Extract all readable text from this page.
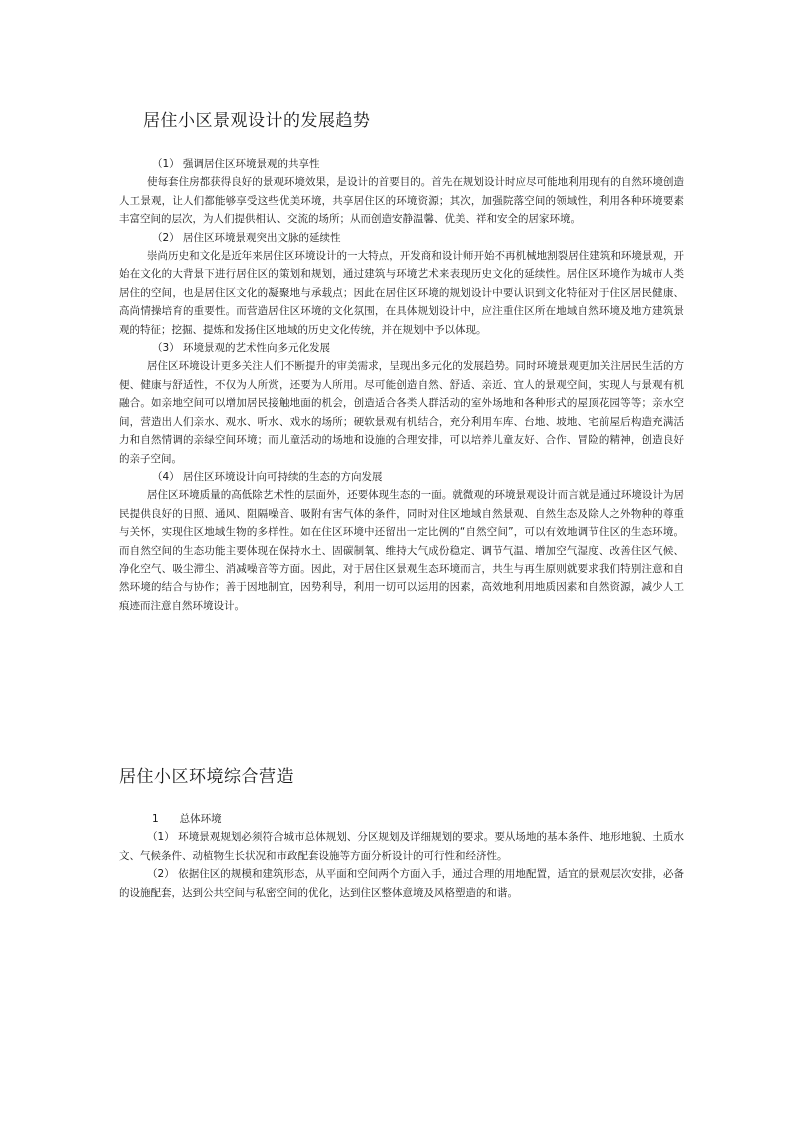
居住小区景观设计的发展趋势

（1） 强调居住区环境景观的共享性

使每套住房都获得良好的景观环境效果，是设计的首要目的。首先在规划设计时应尽可能地利用现有的自然环境创造人工景观，让人们都能够享受这些优美环境，共享居住区的环境资源；其次，加强院落空间的领域性，利用各种环境要素丰富空间的层次，为人们提供相认、交流的场所；从而创造安静温馨、优美、祥和安全的居家环境。

（2） 居住区环境景观突出文脉的延续性

崇尚历史和文化是近年来居住区环境设计的一大特点，开发商和设计师开始不再机械地割裂居住建筑和环境景观，开始在文化的大背景下进行居住区的策划和规划，通过建筑与环境艺术来表现历史文化的延续性。居住区环境作为城市人类居住的空间，也是居住区文化的凝聚地与承载点；因此在居住区环境的规划设计中要认识到文化特征对于住区居民健康、高尚情操培育的重要性。而营造居住区环境的文化氛围，在具体规划设计中，应注重住区所在地域自然环境及地方建筑景观的特征；挖掘、提炼和发扬住区地域的历史文化传统，并在规划中予以体现。

（3） 环境景观的艺术性向多元化发展

居住区环境设计更多关注人们不断提升的审美需求，呈现出多元化的发展趋势。同时环境景观更加关注居民生活的方便、健康与舒适性，不仅为人所赏，还要为人所用。尽可能创造自然、舒适、亲近、宜人的景观空间，实现人与景观有机融合。如亲地空间可以增加居民接触地面的机会，创造适合各类人群活动的室外场地和各种形式的屋顶花园等等；亲水空间，营造出人们亲水、观水、听水、戏水的场所；硬软景观有机结合，充分利用车库、台地、坡地、宅前屋后构造充满活力和自然情调的亲绿空间环境；而儿童活动的场地和设施的合理安排，可以培养儿童友好、合作、冒险的精神，创造良好的亲子空间。

（4） 居住区环境设计向可持续的生态的方向发展

居住区环境质量的高低除艺术性的层面外，还要体现生态的一面。就微观的环境景观设计而言就是通过环境设计为居民提供良好的日照、通风、阻隔噪音、吸附有害气体的条件，同时对住区地域自然景观、自然生态及除人之外物种的尊重与关怀，实现住区地域生物的多样性。如在住区环境中还留出一定比例的“自然空间”，可以有效地调节住区的生态环境。而自然空间的生态功能主要体现在保持水土、固碳制氧、维持大气成份稳定、调节气温、增加空气湿度、改善住区气候、净化空气、吸尘滞尘、消减噪音等方面。因此，对于居住区景观生态环境而言，共生与再生原则就要求我们特别注意和自然环境的结合与协作；善于因地制宜，因势利导，利用一切可以运用的因素，高效地利用地质因素和自然资源，减少人工痕迹而注意自然环境设计。

居住小区环境综合营造

1　　总体环境

（1） 环境景观规划必须符合城市总体规划、分区规划及详细规划的要求。要从场地的基本条件、地形地貌、土质水文、气候条件、动植物生长状况和市政配套设施等方面分析设计的可行性和经济性。

（2） 依据住区的规模和建筑形态，从平面和空间两个方面入手，通过合理的用地配置，适宜的景观层次安排，必备的设施配套，达到公共空间与私密空间的优化，达到住区整体意境及风格塑造的和谐。
